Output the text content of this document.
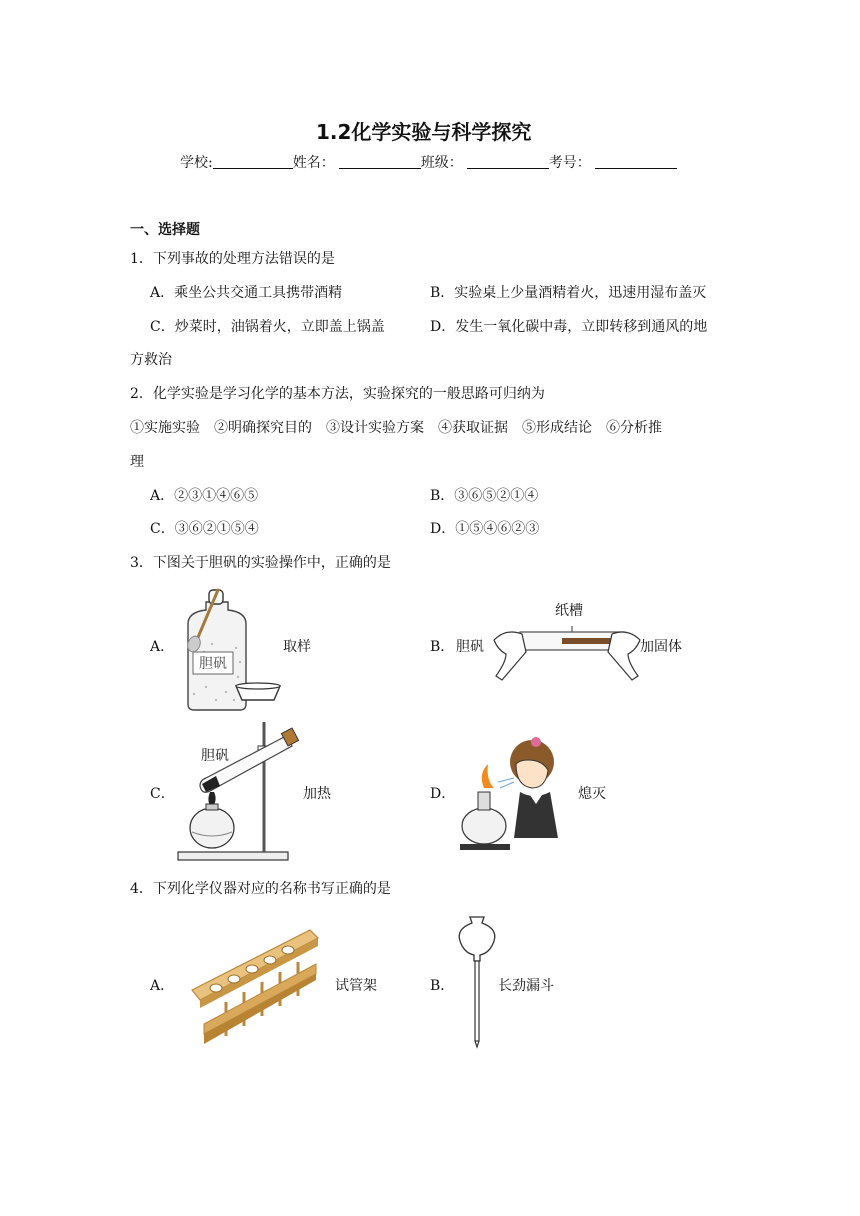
1.2化学实验与科学探究
学校:	姓名：	班级：	考号：
一、选择题
1．下列事故的处理方法错误的是
A．乘坐公共交通工具携带酒精	B．实验桌上少量酒精着火，迅速用湿布盖灭
C．炒菜时，油锅着火，立即盖上锅盖	D．发生一氧化碳中毒，立即转移到通风的地
方救治
2．化学实验是学习化学的基本方法，实验探究的一般思路可归纳为
①实施实验　②明确探究目的　③设计实验方案　④获取证据　⑤形成结论　⑥分析推
理
A．②③①④⑥⑤	B．③⑥⑤②①④
C．③⑥②①⑤④	D．①⑤④⑥②③
3．下图关于胆矾的实验操作中，正确的是
A．
胆矾
取样	B． 胆矾
纸槽
加固体
C．
胆矾
加热	D．	熄灭
4．下列化学仪器对应的名称书写正确的是
A．	试管架	B．	长劲漏斗
